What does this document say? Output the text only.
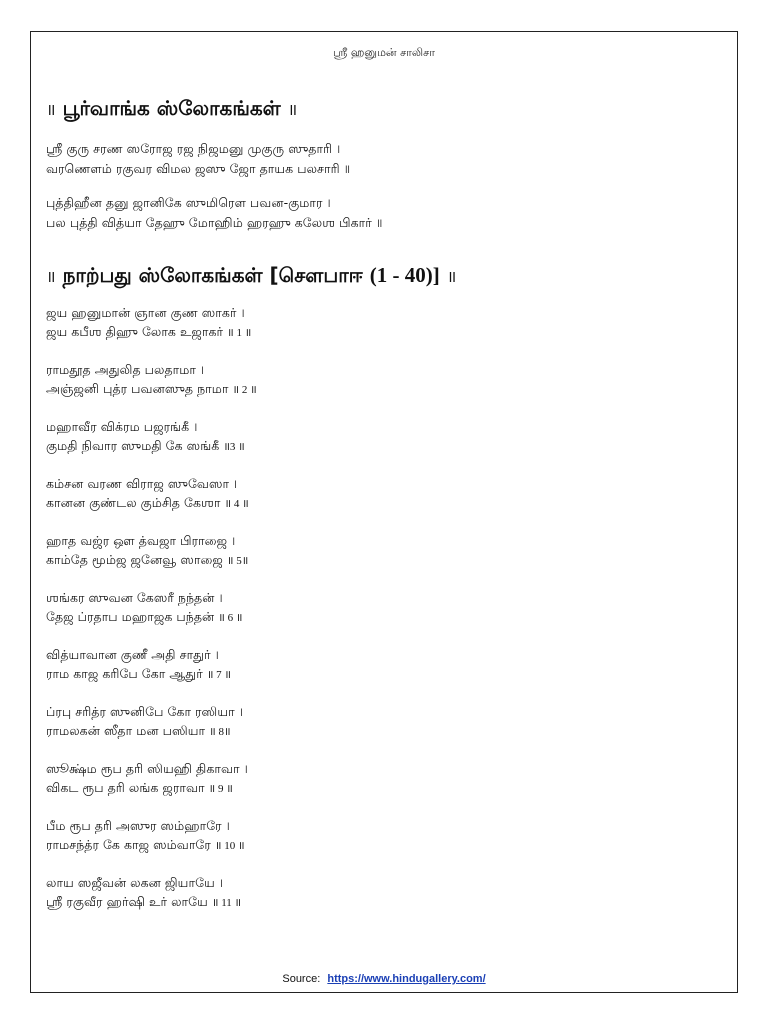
ஸ்ரீ ஹனுமன் சாலிசா
॥ பூர்வாங்க ஸ்லோகங்கள் ॥
ஶ்ரீ குரு சரண ஸரோஜ ரஜ நிஜமனு முகுரு ஸுதாரி ।
வரணௌம் ரகுவர விமல ஜஸு ஜோ தாயக பலசாரி ॥
புத்திஹீன தனு ஜானிகே ஸுமிரௌ பவன-குமார ।
பல புத்தி வித்யா தேஹு மோஹிம் ஹரஹு கலேஶ பிகார் ॥
॥ நாற்பது ஸ்லோகங்கள் [சௌபாஈ (1 - 40)] ॥
ஜய ஹனுமான் ஞான குண ஸாகர் ।
ஜய கபீஶ திஹு லோக உஜாகர் ॥ 1 ॥
ராமதூத அதுலித பலதாமா ।
அஞ்ஜனி புத்ர பவனஸுத நாமா ॥ 2 ॥
மஹாவீர விக்ரம பஜரங்கீ ।
குமதி நிவார ஸுமதி கே ஸங்கீ ॥3 ॥
கம்சன வரண விராஜ ஸுவேஸா ।
கானன குண்டல கும்சித கேஶா ॥ 4 ॥
ஹாத வஜ்ர ஔ த்வஜா பிராஜை ।
காம்தே மூம்ஜ ஜனேவூ ஸாஜை ॥ 5॥
ஶங்கர ஸுவன கேஸரீ நந்தன் ।
தேஜ ப்ரதாப மஹாஜக பந்தன் ॥ 6 ॥
வித்யாவான குணீ அதி சாதுர் ।
ராம காஜ கரிபே கோ ஆதுர் ॥ 7 ॥
ப்ரபு சரித்ர ஸுனிபே கோ ரஸியா ।
ராமலகன் ஸீதா மன பஸியா ॥ 8॥
ஸூக்ஷ்ம ரூப தரி ஸியஹி திகாவா ।
விகட ரூப தரி லங்க ஜராவா ॥ 9 ॥
பீம ரூப தரி அஸுர ஸம்ஹாரே ।
ராமசந்த்ர கே காஜ ஸம்வாரே ॥ 10 ॥
லாய ஸஜீவன் லகன ஜியாயே ।
ஶ்ரீ ரகுவீர ஹர்ஷி உர் லாயே ॥ 11 ॥
Source: https://www.hindugallery.com/
